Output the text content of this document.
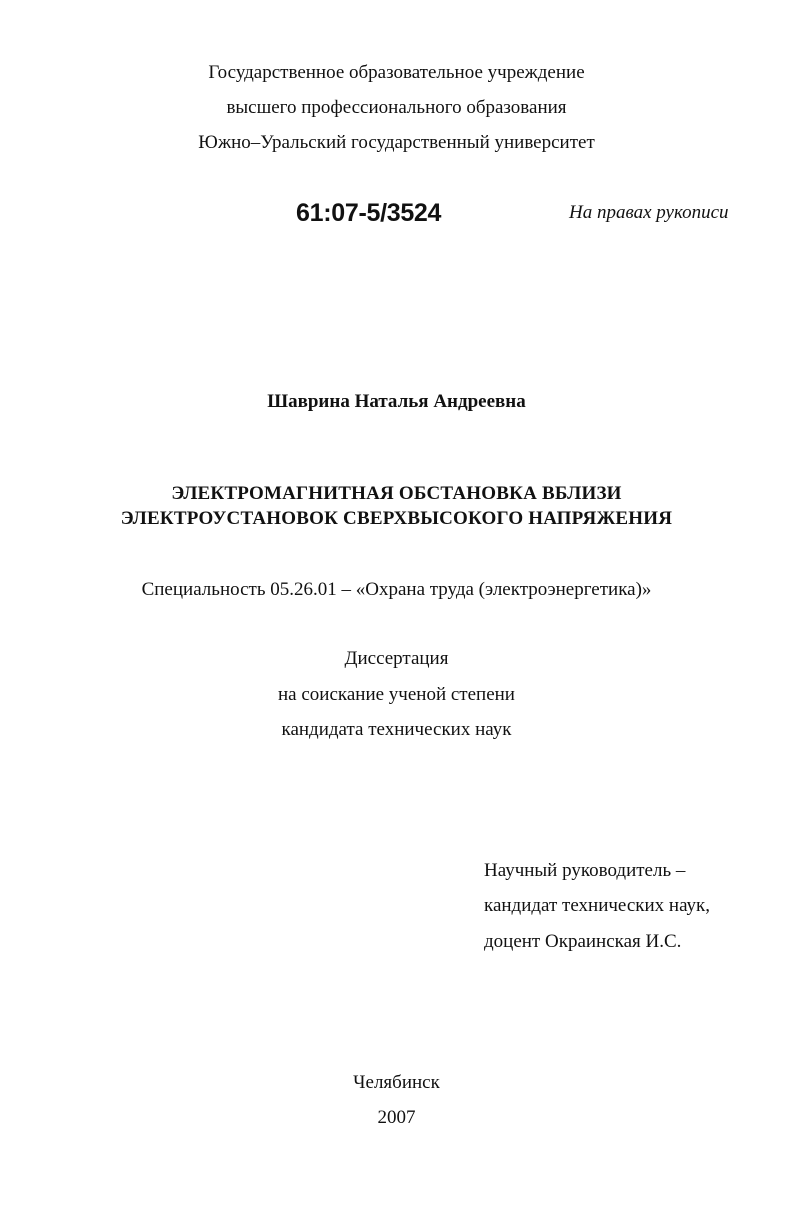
Государственное образовательное учреждение
высшего профессионального образования
Южно–Уральский государственный университет
61:07-5/3524	На правах рукописи
Шаврина Наталья Андреевна
ЭЛЕКТРОМАГНИТНАЯ ОБСТАНОВКА ВБЛИЗИ
ЭЛЕКТРОУСТАНОВОК СВЕРХВЫСОКОГО НАПРЯЖЕНИЯ
Специальность 05.26.01 – «Охрана труда (электроэнергетика)»
Диссертация
на соискание ученой степени
кандидата технических наук
Научный руководитель –
кандидат технических наук,
доцент Окраинская И.С.
Челябинск
2007
